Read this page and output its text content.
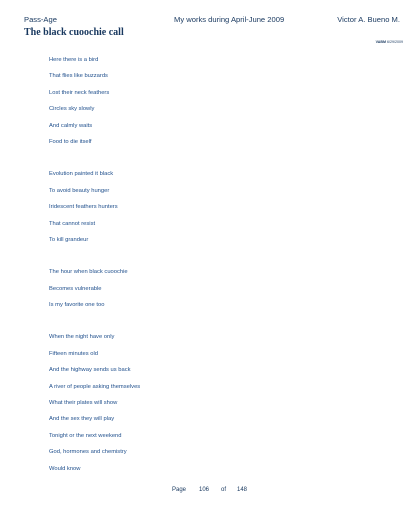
Pass-Age	My works during April-June 2009	Victor A. Bueno M.
The black cuoochie call
VABM 6/29/2009
Here there is a bird
That flies like buzzards
Lost their neck feathers
Circles sky slowly
And calmly waits
Food to die itself
Evolution painted it black
To avoid beauty hunger
Iridescent feathers hunters
That cannot resist
To kill grandeur
The hour when black cuoochie
Becomes vulnerable
Is my favorite one too
When the night have only
Fifteen minutes old
And the highway sends us back
A river of people asking themselves
What their plates will show
And the sex they will play
Tonight or the next weekend
God, hormones and chemistry
Would know
Page 106 of 148
